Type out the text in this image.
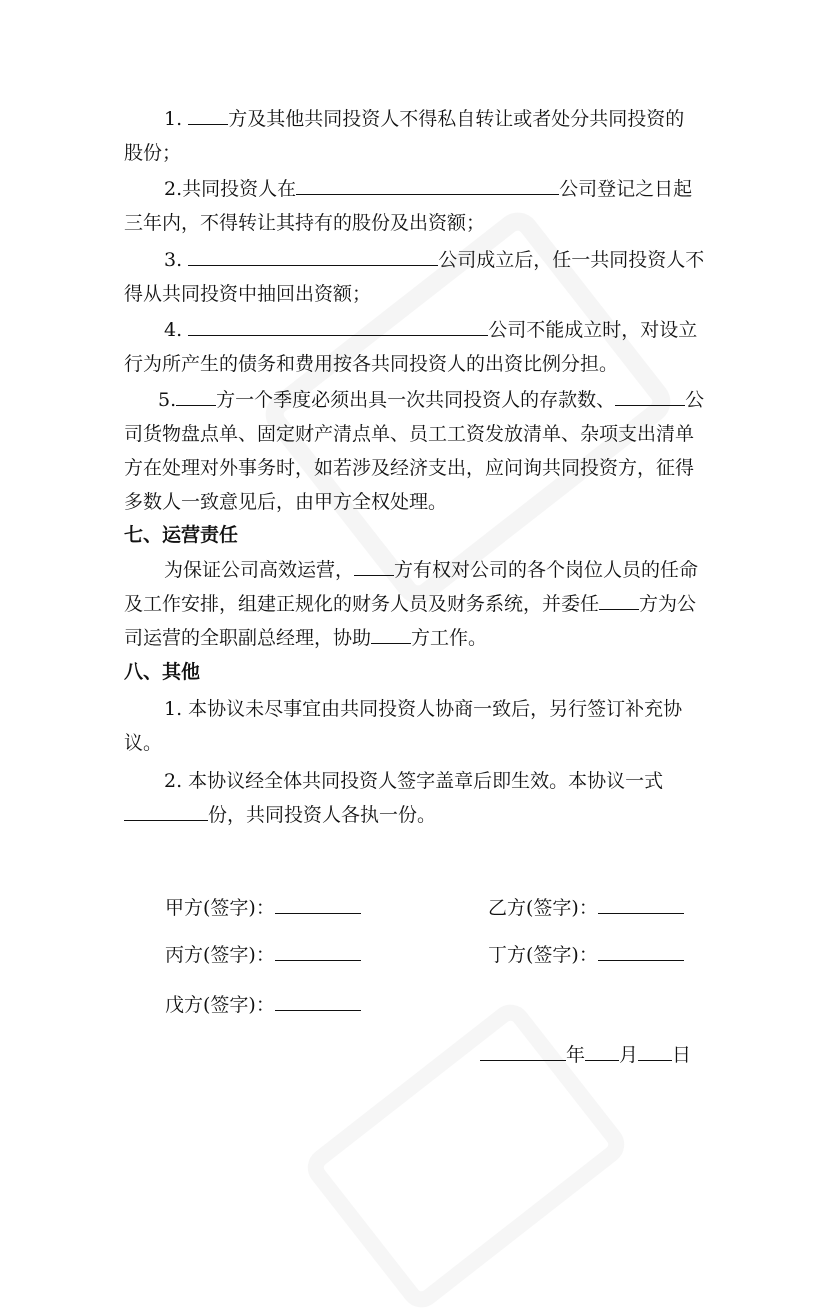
1. 方及其他共同投资人不得私自转让或者处分共同投资的
股份；

2.共同投资人在	公司登记之日起
三年内，不得转让其持有的股份及出资额；

3.	公司成立后，任一共同投资人不
得从共同投资中抽回出资额；

4.	公司不能成立时，对设立
行为所产生的债务和费用按各共同投资人的出资比例分担。

5. 方一个季度必须出具一次共同投资人的存款数、	公
司货物盘点单、固定财产清点单、员工工资发放清单、杂项支出清单
方在处理对外事务时，如若涉及经济支出，应问询共同投资方，征得
多数人一致意见后，由甲方全权处理。

七、运营责任

为保证公司高效运营， 方有权对公司的各个岗位人员的任命
及工作安排，组建正规化的财务人员及财务系统，并委任 方为公
司运营的全职副总经理，协助 方工作。

八、其他

1. 本协议未尽事宜由共同投资人协商一致后，另行签订补充协
议。

2. 本协议经全体共同投资人签字盖章后即生效。本协议一式
份，共同投资人各执一份。

甲方(签字)：	乙方(签字)：
丙方(签字)：	丁方(签字)：
戊方(签字)：
年 月 日
